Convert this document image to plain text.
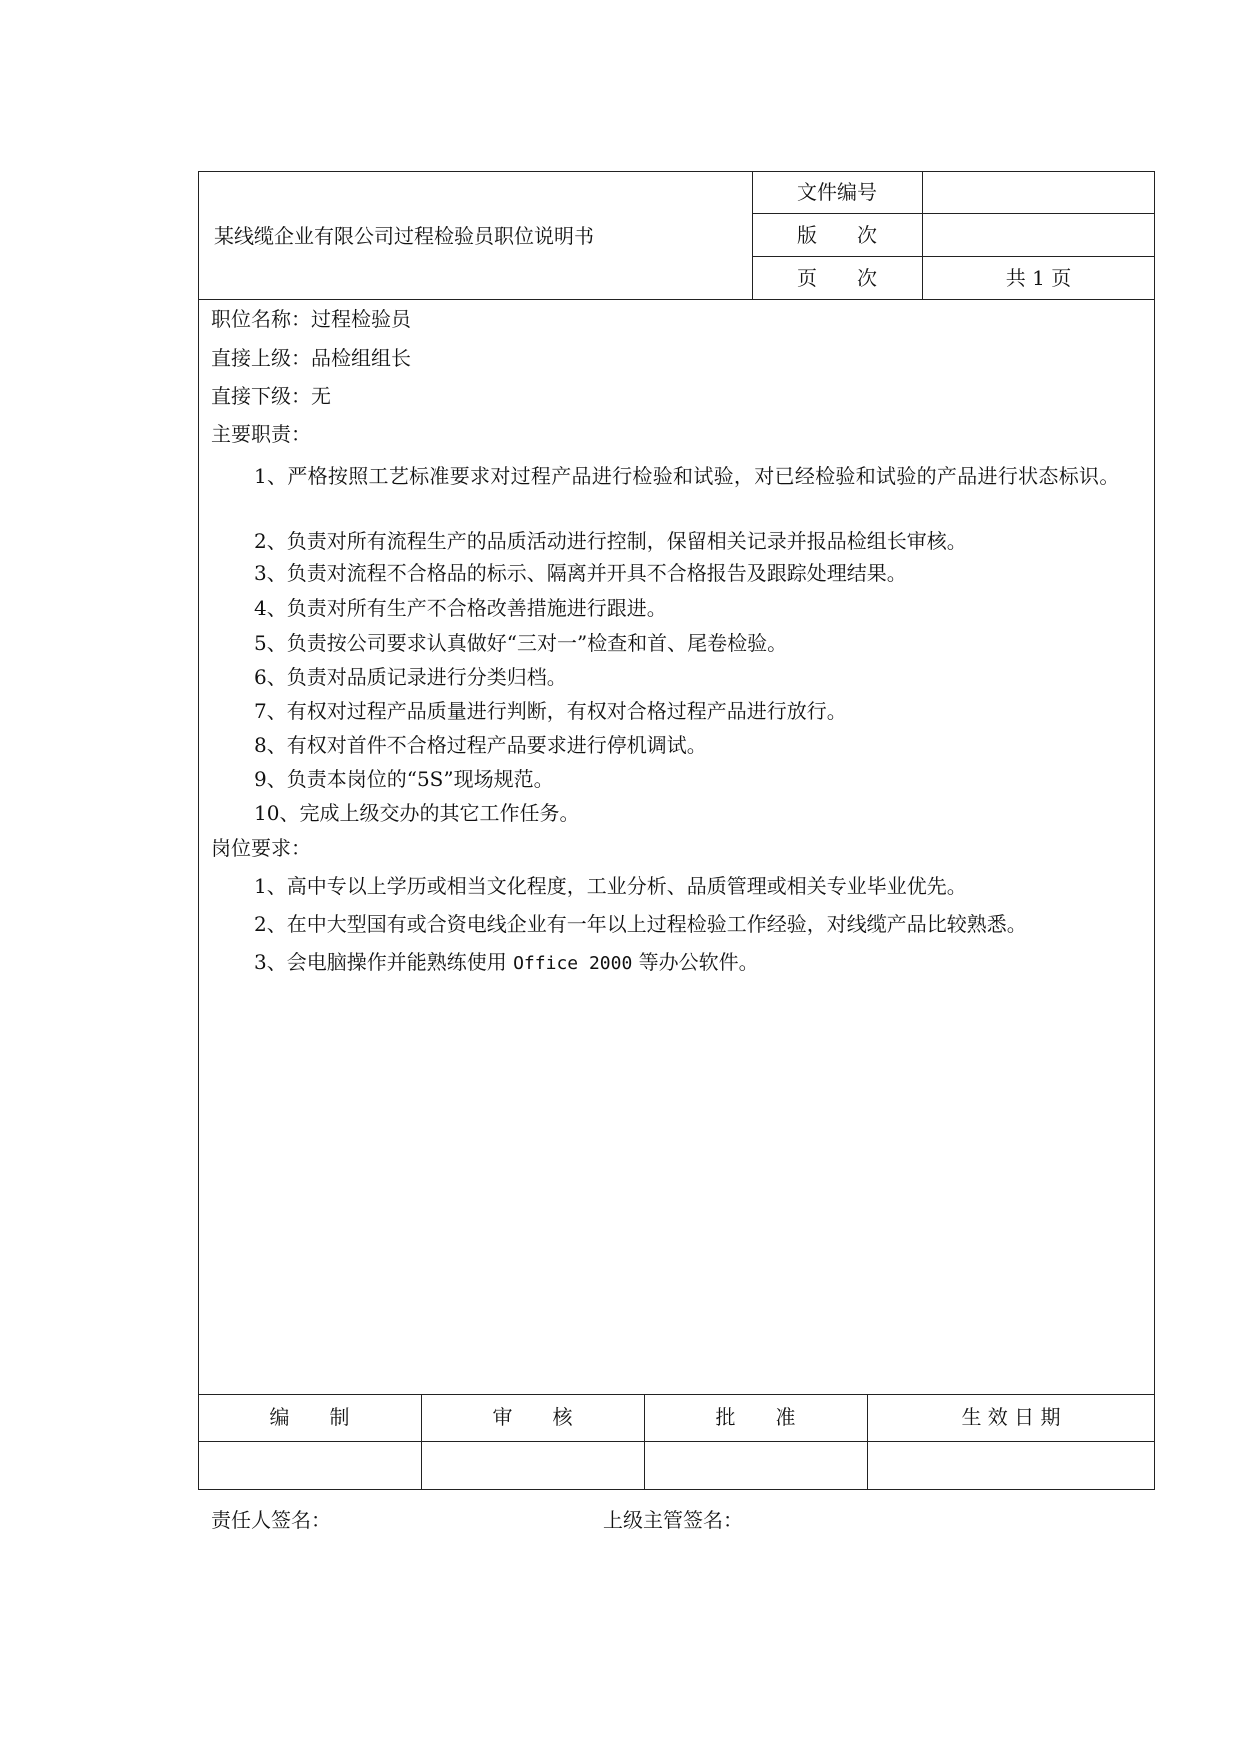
某线缆企业有限公司过程检验员职位说明书
文件编号
版　　次
页　　次	共 1 页
职位名称：过程检验员
直接上级：品检组组长
直接下级：无
主要职责：
1、严格按照工艺标准要求对过程产品进行检验和试验，对已经检验和试验的产品进行状态标识。
2、负责对所有流程生产的品质活动进行控制，保留相关记录并报品检组长审核。
3、负责对流程不合格品的标示、隔离并开具不合格报告及跟踪处理结果。
4、负责对所有生产不合格改善措施进行跟进。
5、负责按公司要求认真做好“三对一”检查和首、尾卷检验。
6、负责对品质记录进行分类归档。
7、有权对过程产品质量进行判断，有权对合格过程产品进行放行。
8、有权对首件不合格过程产品要求进行停机调试。
9、负责本岗位的“5S”现场规范。
10、完成上级交办的其它工作任务。
岗位要求：
1、高中专以上学历或相当文化程度，工业分析、品质管理或相关专业毕业优先。
2、在中大型国有或合资电线企业有一年以上过程检验工作经验，对线缆产品比较熟悉。
3、会电脑操作并能熟练使用 Office 2000 等办公软件。
编　　制	审　　核	批　　准	生 效 日 期
责任人签名：	上级主管签名：
